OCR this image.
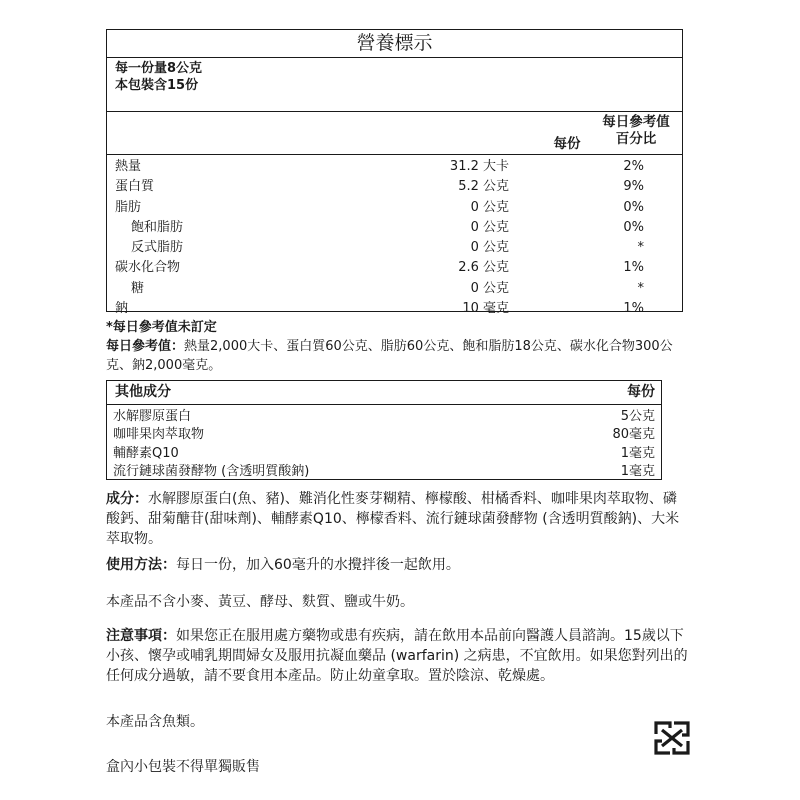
營養標示
每一份量8公克
本包裝含15份
每份
每日參考值
百分比
熱量	31.2 大卡	2%
蛋白質	5.2 公克	9%
脂肪	0 公克	0%
飽和脂肪	0 公克	0%
反式脂肪	0 公克	*
碳水化合物	2.6 公克	1%
糖	0 公克	*
鈉	10 毫克	1%
*每日參考值未訂定
每日參考值：熱量2,000大卡、蛋白質60公克、脂肪60公克、飽和脂肪18公克、碳水化合物300公克、鈉2,000毫克。
其他成分	每份
水解膠原蛋白	5公克
咖啡果肉萃取物	80毫克
輔酵素Q10	1毫克
流行鏈球菌發酵物 (含透明質酸鈉)	1毫克
成分：水解膠原蛋白(魚、豬)、難消化性麥芽糊精、檸檬酸、柑橘香料、咖啡果肉萃取物、磷酸鈣、甜菊醣苷(甜味劑)、輔酵素Q10、檸檬香料、流行鏈球菌發酵物 (含透明質酸鈉)、大米萃取物。
使用方法：每日一份，加入60毫升的水攪拌後一起飲用。
本產品不含小麥、黃豆、酵母、麩質、鹽或牛奶。
注意事項：如果您正在服用處方藥物或患有疾病，請在飲用本品前向醫護人員諮詢。15歲以下小孩、懷孕或哺乳期間婦女及服用抗凝血藥品 (warfarin) 之病患，不宜飲用。如果您對列出的任何成分過敏，請不要食用本產品。防止幼童拿取。置於陰涼、乾燥處。
本產品含魚類。
盒內小包裝不得單獨販售
